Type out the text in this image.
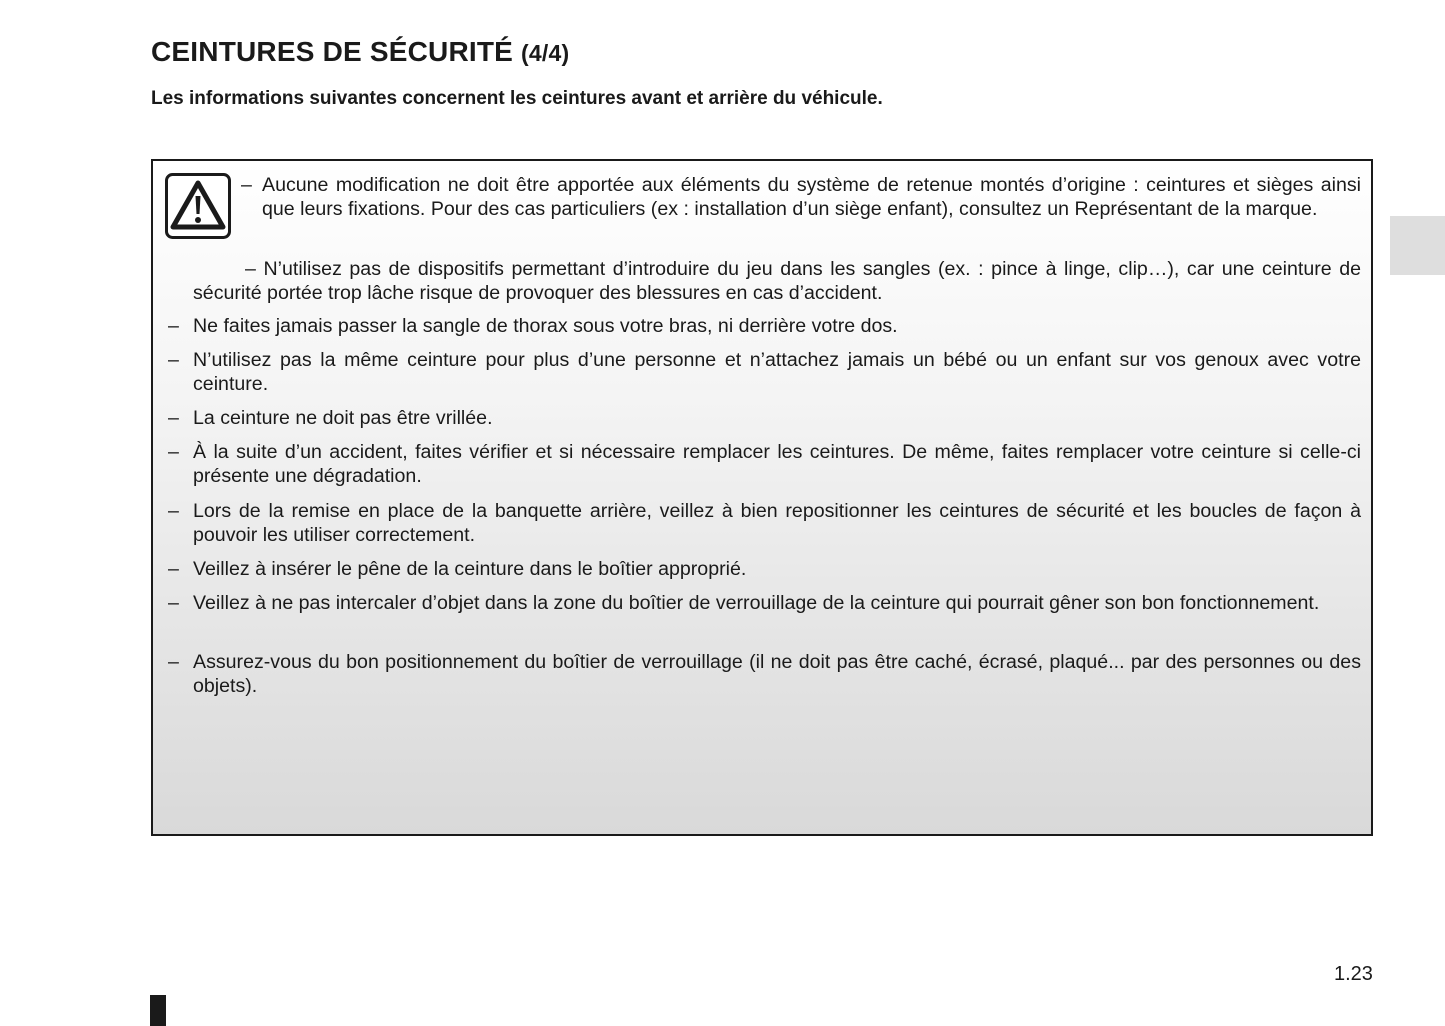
CEINTURES DE SÉCURITÉ (4/4)
Les informations suivantes concernent les ceintures avant et arrière du véhicule.
– Aucune modification ne doit être apportée aux éléments du système de retenue montés d’origine : ceintures et sièges ainsi que leurs fixations. Pour des cas particuliers (ex : installation d’un siège enfant), consultez un Représentant de la marque.
– N’utilisez pas de dispositifs permettant d’introduire du jeu dans les sangles (ex. : pince à linge, clip…), car une ceinture de sécurité portée trop lâche risque de provoquer des blessures en cas d’accident.
– Ne faites jamais passer la sangle de thorax sous votre bras, ni derrière votre dos.
– N’utilisez pas la même ceinture pour plus d’une personne et n’attachez jamais un bébé ou un enfant sur vos genoux avec votre ceinture.
– La ceinture ne doit pas être vrillée.
– À la suite d’un accident, faites vérifier et si nécessaire remplacer les ceintures. De même, faites remplacer votre ceinture si celle-ci présente une dégradation.
– Lors de la remise en place de la banquette arrière, veillez à bien repositionner les ceintures de sécurité et les boucles de façon à pouvoir les utiliser correctement.
– Veillez à insérer le pêne de la ceinture dans le boîtier approprié.
– Veillez à ne pas intercaler d’objet dans la zone du boîtier de verrouillage de la ceinture qui pourrait gêner son bon fonctionnement.
– Assurez-vous du bon positionnement du boîtier de verrouillage (il ne doit pas être caché, écrasé, plaqué... par des personnes ou des objets).
1.23
